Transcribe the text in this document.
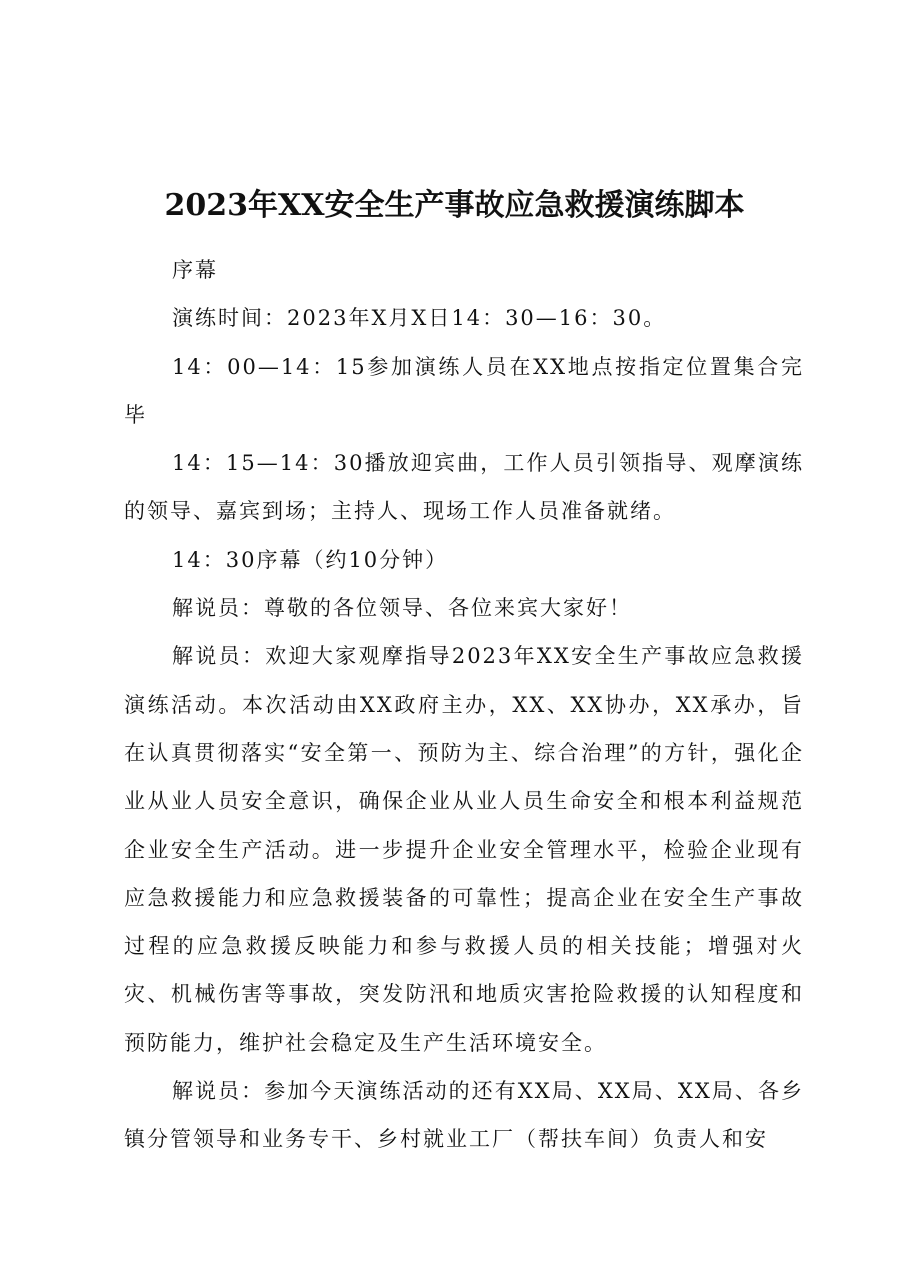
2023年XX安全生产事故应急救援演练脚本

序幕

演练时间：2023年X月X日14：30—16：30。

14：00—14：15参加演练人员在XX地点按指定位置集合完毕

14：15—14：30播放迎宾曲，工作人员引领指导、观摩演练的领导、嘉宾到场；主持人、现场工作人员准备就绪。

14：30序幕（约10分钟）

解说员：尊敬的各位领导、各位来宾大家好！

解说员：欢迎大家观摩指导2023年XX安全生产事故应急救援演练活动。本次活动由XX政府主办，XX、XX协办，XX承办，旨在认真贯彻落实“安全第一、预防为主、综合治理”的方针，强化企业从业人员安全意识，确保企业从业人员生命安全和根本利益规范企业安全生产活动。进一步提升企业安全管理水平，检验企业现有应急救援能力和应急救援装备的可靠性；提高企业在安全生产事故过程的应急救援反映能力和参与救援人员的相关技能；增强对火灾、机械伤害等事故，突发防汛和地质灾害抢险救援的认知程度和预防能力，维护社会稳定及生产生活环境安全。

解说员：参加今天演练活动的还有XX局、XX局、XX局、各乡镇分管领导和业务专干、乡村就业工厂（帮扶车间）负责人和安
